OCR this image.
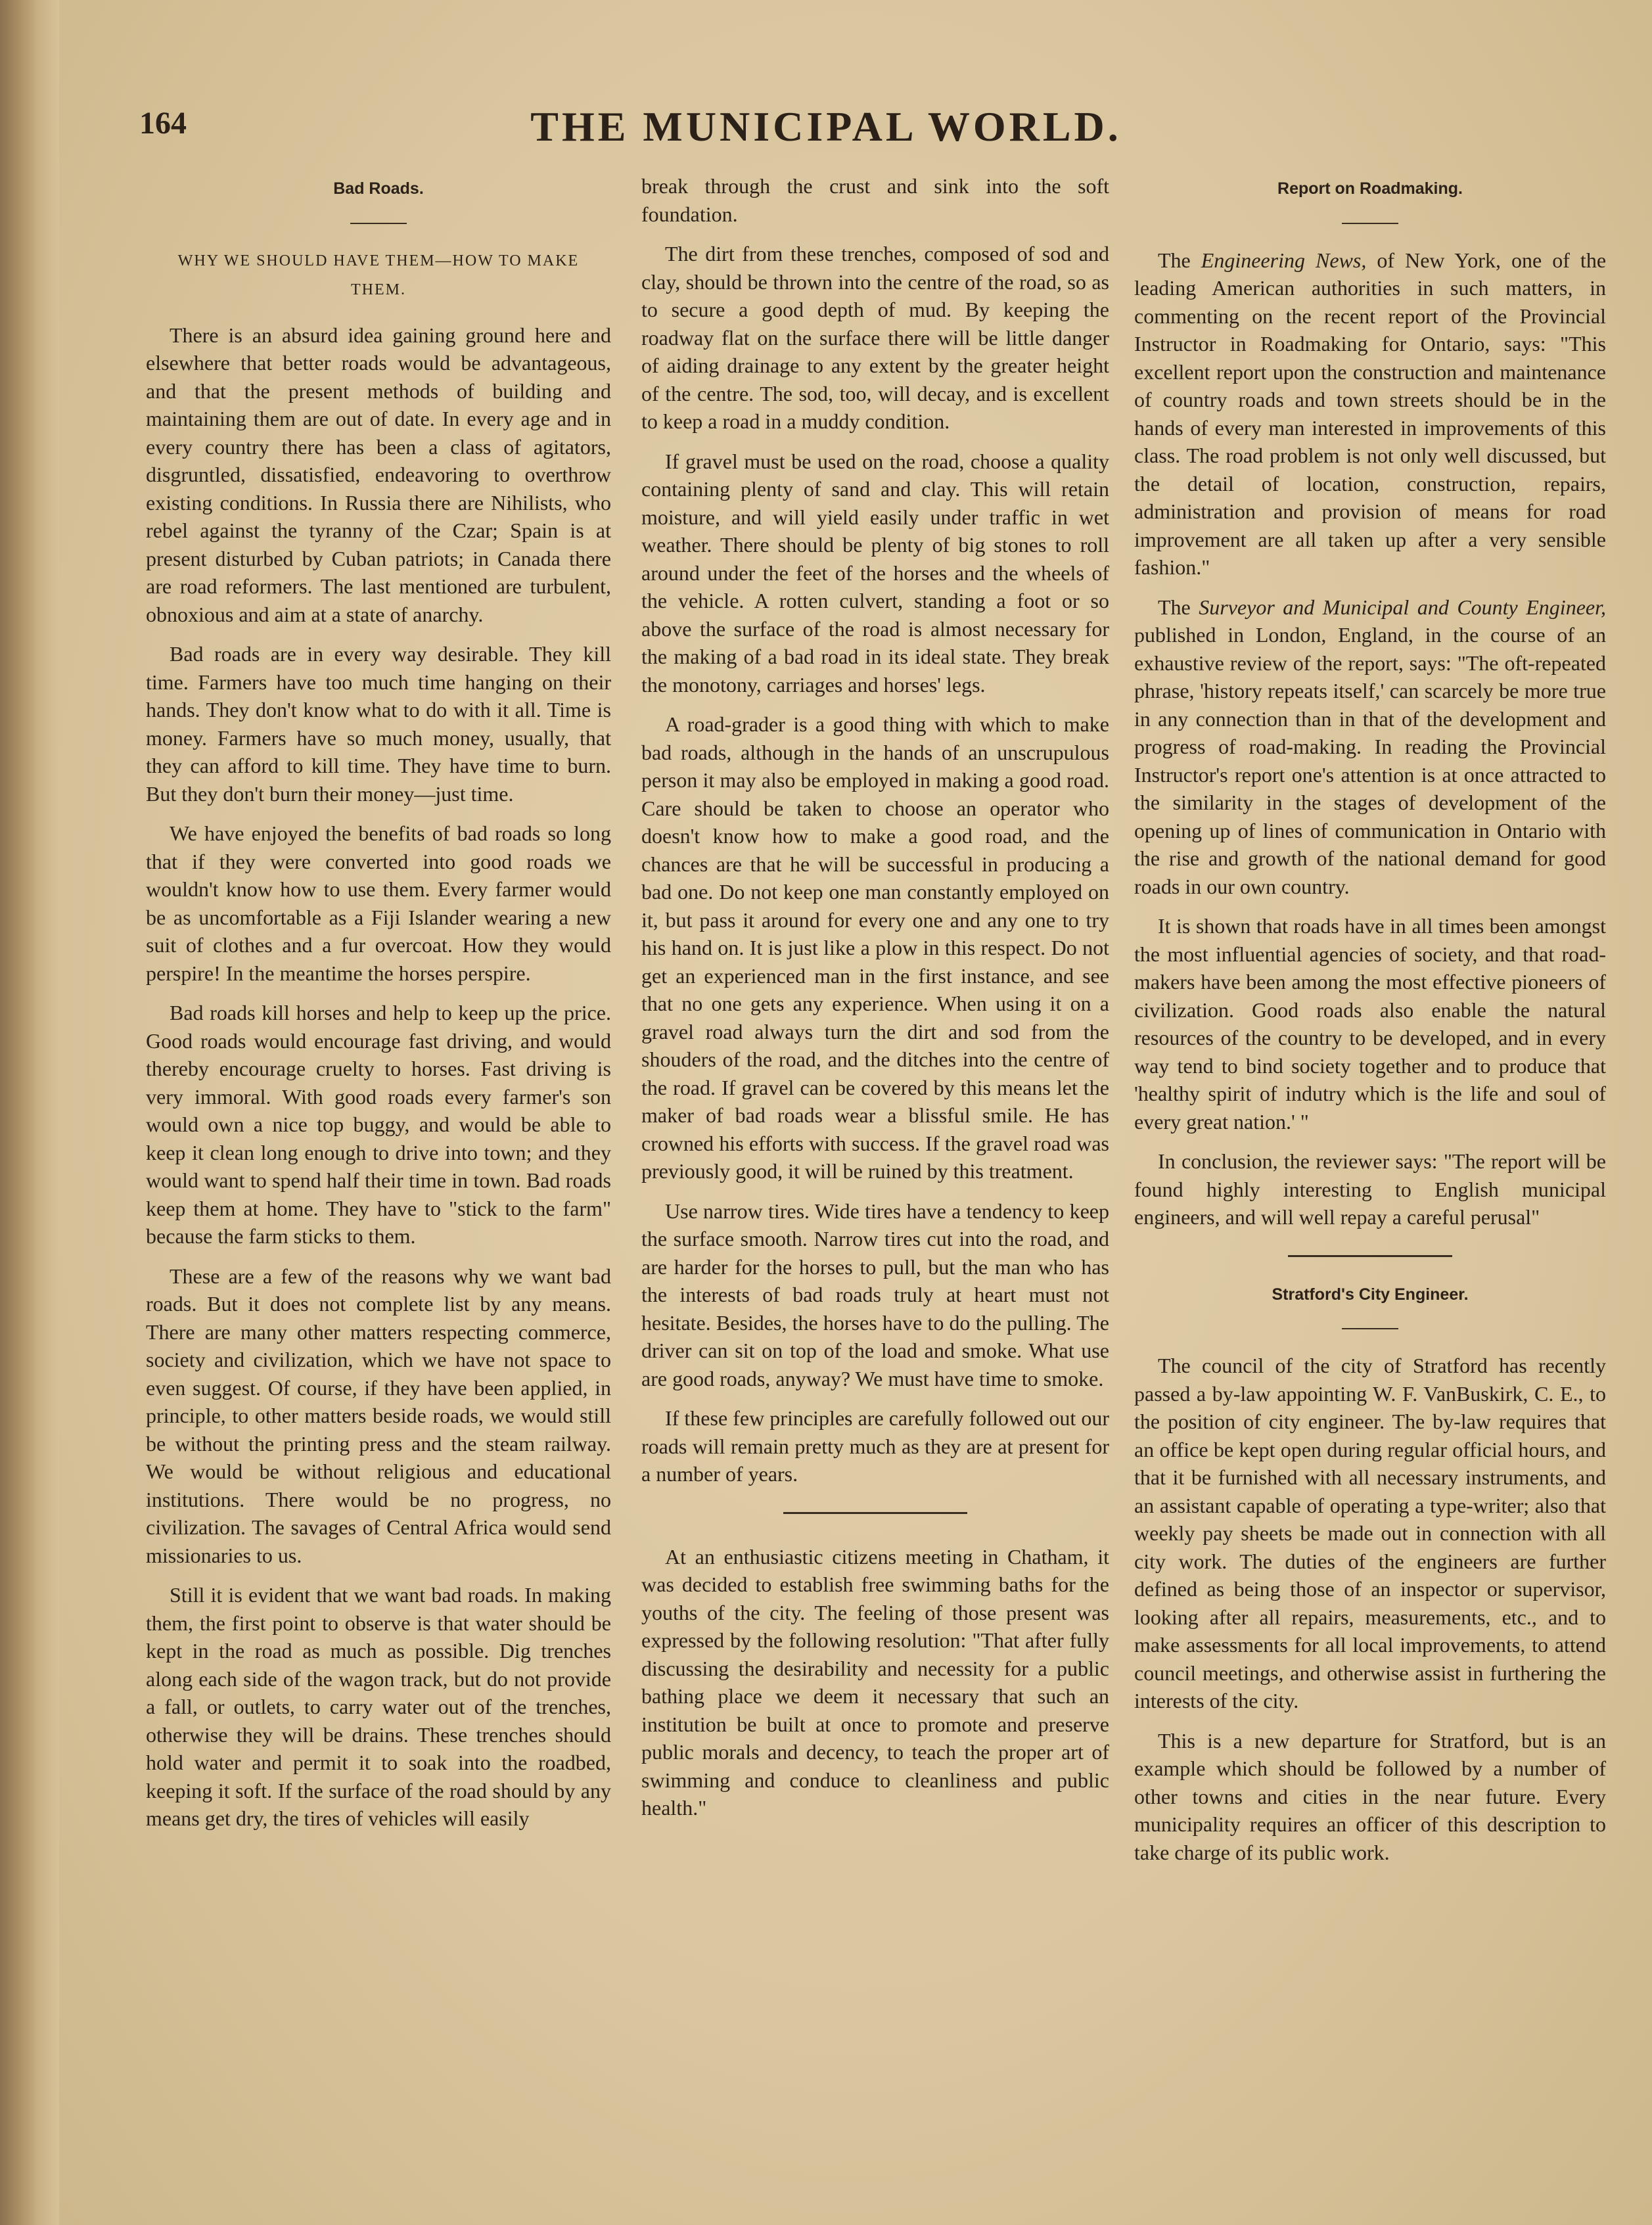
164	THE MUNICIPAL WORLD.
Bad Roads.
WHY WE SHOULD HAVE THEM—HOW TO MAKE THEM.

There is an absurd idea gaining ground here and elsewhere that better roads would be advantageous, and that the present methods of building and maintaining them are out of date. In every age and in every country there has been a class of agitators, disgruntled, dissatisfied, endeavoring to overthrow existing conditions. In Russia there are Nihilists, who rebel against the tyranny of the Czar; Spain is at present disturbed by Cuban patriots; in Canada there are road reformers. The last mentioned are turbulent, obnoxious and aim at a state of anarchy.

Bad roads are in every way desirable. They kill time. Farmers have too much time hanging on their hands. They don't know what to do with it all. Time is money. Farmers have so much money, usually, that they can afford to kill time. They have time to burn. But they don't burn their money—just time.

We have enjoyed the benefits of bad roads so long that if they were converted into good roads we wouldn't know how to use them. Every farmer would be as uncomfortable as a Fiji Islander wearing a new suit of clothes and a fur overcoat. How they would perspire! In the meantime the horses perspire.

Bad roads kill horses and help to keep up the price. Good roads would encourage fast driving, and would thereby encourage cruelty to horses. Fast driving is very immoral. With good roads every farmer's son would own a nice top buggy, and would be able to keep it clean long enough to drive into town; and they would want to spend half their time in town. Bad roads keep them at home. They have to "stick to the farm" because the farm sticks to them.

These are a few of the reasons why we want bad roads. But it does not complete list by any means. There are many other matters respecting commerce, society and civilization, which we have not space to even suggest. Of course, if they have been applied, in principle, to other matters beside roads, we would still be without the printing press and the steam railway. We would be without religious and educational institutions. There would be no progress, no civilization. The savages of Central Africa would send missionaries to us.

Still it is evident that we want bad roads. In making them, the first point to observe is that water should be kept in the road as much as possible. Dig trenches along each side of the wagon track, but do not provide a fall, or outlets, to carry water out of the trenches, otherwise they will be drains. These trenches should hold water and permit it to soak into the roadbed, keeping it soft. If the surface of the road should by any means get dry, the tires of vehicles will easily

break through the crust and sink into the soft foundation.

The dirt from these trenches, composed of sod and clay, should be thrown into the centre of the road, so as to secure a good depth of mud. By keeping the roadway flat on the surface there will be little danger of aiding drainage to any extent by the greater height of the centre. The sod, too, will decay, and is excellent to keep a road in a muddy condition.

If gravel must be used on the road, choose a quality containing plenty of sand and clay. This will retain moisture, and will yield easily under traffic in wet weather. There should be plenty of big stones to roll around under the feet of the horses and the wheels of the vehicle. A rotten culvert, standing a foot or so above the surface of the road is almost necessary for the making of a bad road in its ideal state. They break the monotony, carriages and horses' legs.

A road-grader is a good thing with which to make bad roads, although in the hands of an unscrupulous person it may also be employed in making a good road. Care should be taken to choose an operator who doesn't know how to make a good road, and the chances are that he will be successful in producing a bad one. Do not keep one man constantly employed on it, but pass it around for every one and any one to try his hand on. It is just like a plow in this respect. Do not get an experienced man in the first instance, and see that no one gets any experience. When using it on a gravel road always turn the dirt and sod from the shouders of the road, and the ditches into the centre of the road. If gravel can be covered by this means let the maker of bad roads wear a blissful smile. He has crowned his efforts with success. If the gravel road was previously good, it will be ruined by this treatment.

Use narrow tires. Wide tires have a tendency to keep the surface smooth. Narrow tires cut into the road, and are harder for the horses to pull, but the man who has the interests of bad roads truly at heart must not hesitate. Besides, the horses have to do the pulling. The driver can sit on top of the load and smoke. What use are good roads, anyway? We must have time to smoke.

If these few principles are carefully followed out our roads will remain pretty much as they are at present for a number of years.

At an enthusiastic citizens meeting in Chatham, it was decided to establish free swimming baths for the youths of the city. The feeling of those present was expressed by the following resolution: "That after fully discussing the desirability and necessity for a public bathing place we deem it necessary that such an institution be built at once to promote and preserve public morals and decency, to teach the proper art of swimming and conduce to cleanliness and public health."

Report on Roadmaking.

The Engineering News, of New York, one of the leading American authorities in such matters, in commenting on the recent report of the Provincial Instructor in Roadmaking for Ontario, says: "This excellent report upon the construction and maintenance of country roads and town streets should be in the hands of every man interested in improvements of this class. The road problem is not only well discussed, but the detail of location, construction, repairs, administration and provision of means for road improvement are all taken up after a very sensible fashion."

The Surveyor and Municipal and County Engineer, published in London, England, in the course of an exhaustive review of the report, says: "The oft-repeated phrase, 'history repeats itself,' can scarcely be more true in any connection than in that of the development and progress of road-making. In reading the Provincial Instructor's report one's attention is at once attracted to the similarity in the stages of development of the opening up of lines of communication in Ontario with the rise and growth of the national demand for good roads in our own country.

It is shown that roads have in all times been amongst the most influential agencies of society, and that road-makers have been among the most effective pioneers of civilization. Good roads also enable the natural resources of the country to be developed, and in every way tend to bind society together and to produce that 'healthy spirit of indutry which is the life and soul of every great nation.' "

In conclusion, the reviewer says: "The report will be found highly interesting to English municipal engineers, and will well repay a careful perusal"

Stratford's City Engineer.

The council of the city of Stratford has recently passed a by-law appointing W. F. VanBuskirk, C. E., to the position of city engineer. The by-law requires that an office be kept open during regular official hours, and that it be furnished with all necessary instruments, and an assistant capable of operating a type-writer; also that weekly pay sheets be made out in connection with all city work. The duties of the engineers are further defined as being those of an inspector or supervisor, looking after all repairs, measurements, etc., and to make assessments for all local improvements, to attend council meetings, and otherwise assist in furthering the interests of the city.

This is a new departure for Stratford, but is an example which should be followed by a number of other towns and cities in the near future. Every municipality requires an officer of this description to take charge of its public work.
